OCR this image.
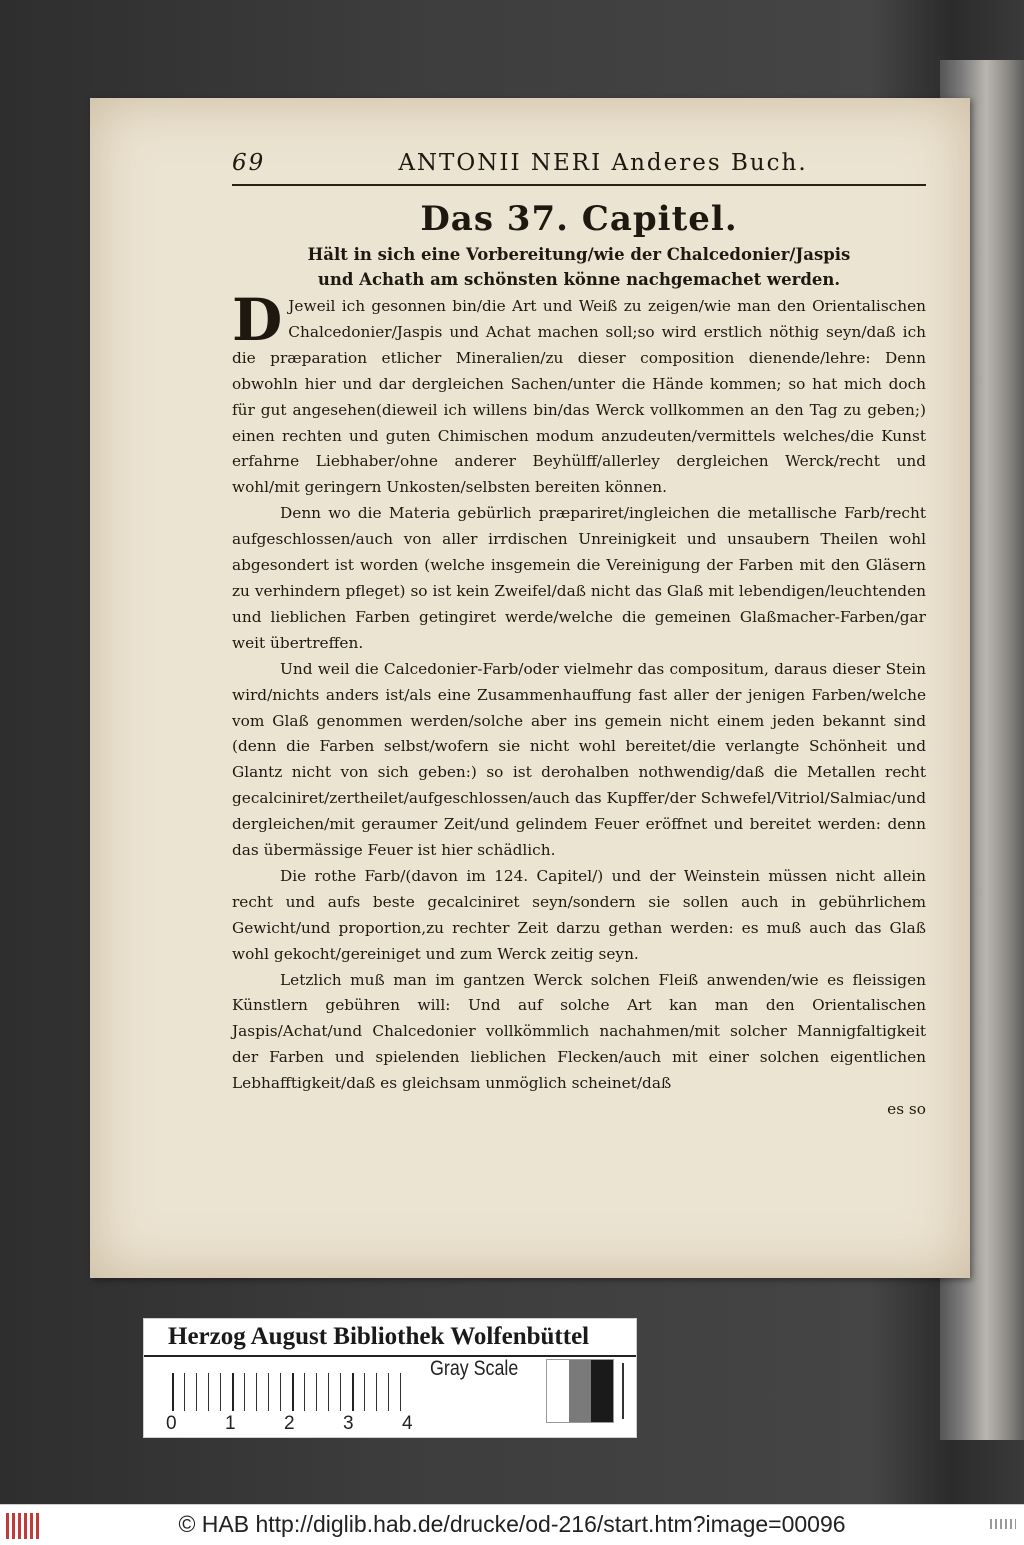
69	ANTONII NERI Anderes Buch.
Das 37. Capitel.
Hält in sich eine Vorbereitung/wie der Chalcedonier/Jaspis
und Achath am schönsten könne nachgemachet werden.

D Jeweil ich gesonnen bin/die Art und Weiß zu zeigen/wie man den Orientalischen Chalcedonier/Jaspis und Achat machen soll;so wird erstlich nöthig seyn/daß ich die præparation etlicher Mineralien/zu dieser composition dienende/lehre: Denn obwohln hier und dar dergleichen Sachen/unter die Hände kommen; so hat mich doch für gut angesehen(dieweil ich willens bin/das Werck vollkommen an den Tag zu geben;) einen rechten und guten Chimischen modum anzudeuten/vermittels welches/die Kunst erfahrne Liebhaber/ohne anderer Beyhülff/allerley dergleichen Werck/recht und wohl/mit geringern Unkosten/selbsten bereiten können.

Denn wo die Materia gebürlich præpariret/ingleichen die metallische Farb/recht aufgeschlossen/auch von aller irrdischen Unreinigkeit und unsaubern Theilen wohl abgesondert ist worden (welche insgemein die Vereinigung der Farben mit den Gläsern zu verhindern pfleget) so ist kein Zweifel/daß nicht das Glaß mit lebendigen/leuchtenden und lieblichen Farben getingiret werde/welche die gemeinen Glaßmacher-Farben/gar weit übertreffen.

Und weil die Calcedonier-Farb/oder vielmehr das compositum, daraus dieser Stein wird/nichts anders ist/als eine Zusammenhauffung fast aller der jenigen Farben/welche vom Glaß genommen werden/solche aber ins gemein nicht einem jeden bekannt sind (denn die Farben selbst/wofern sie nicht wohl bereitet/die verlangte Schönheit und Glantz nicht von sich geben:) so ist derohalben nothwendig/daß die Metallen recht gecalciniret/zertheilet/aufgeschlossen/auch das Kupffer/der Schwefel/Vitriol/Salmiac/und dergleichen/mit geraumer Zeit/und gelindem Feuer eröffnet und bereitet werden: denn das übermässige Feuer ist hier schädlich.

Die rothe Farb/(davon im 124. Capitel/) und der Weinstein müssen nicht allein recht und aufs beste gecalciniret seyn/sondern sie sollen auch in gebührlichem Gewicht/und proportion,zu rechter Zeit darzu gethan werden: es muß auch das Glaß wohl gekocht/gereiniget und zum Werck zeitig seyn.

Letzlich muß man im gantzen Werck solchen Fleiß anwenden/wie es fleissigen Künstlern gebühren will: Und auf solche Art kan man den Orientalischen Jaspis/Achat/und Chalcedonier vollkömmlich nachahmen/mit solcher Mannigfaltigkeit der Farben und spielenden lieblichen Flecken/auch mit einer solchen eigentlichen Lebhafftigkeit/daß es gleichsam unmöglich scheinet/daß

es so
Herzog August Bibliothek Wolfenbüttel
0	1	2	3	4
Gray Scale
© HAB http://diglib.hab.de/drucke/od-216/start.htm?image=00096
